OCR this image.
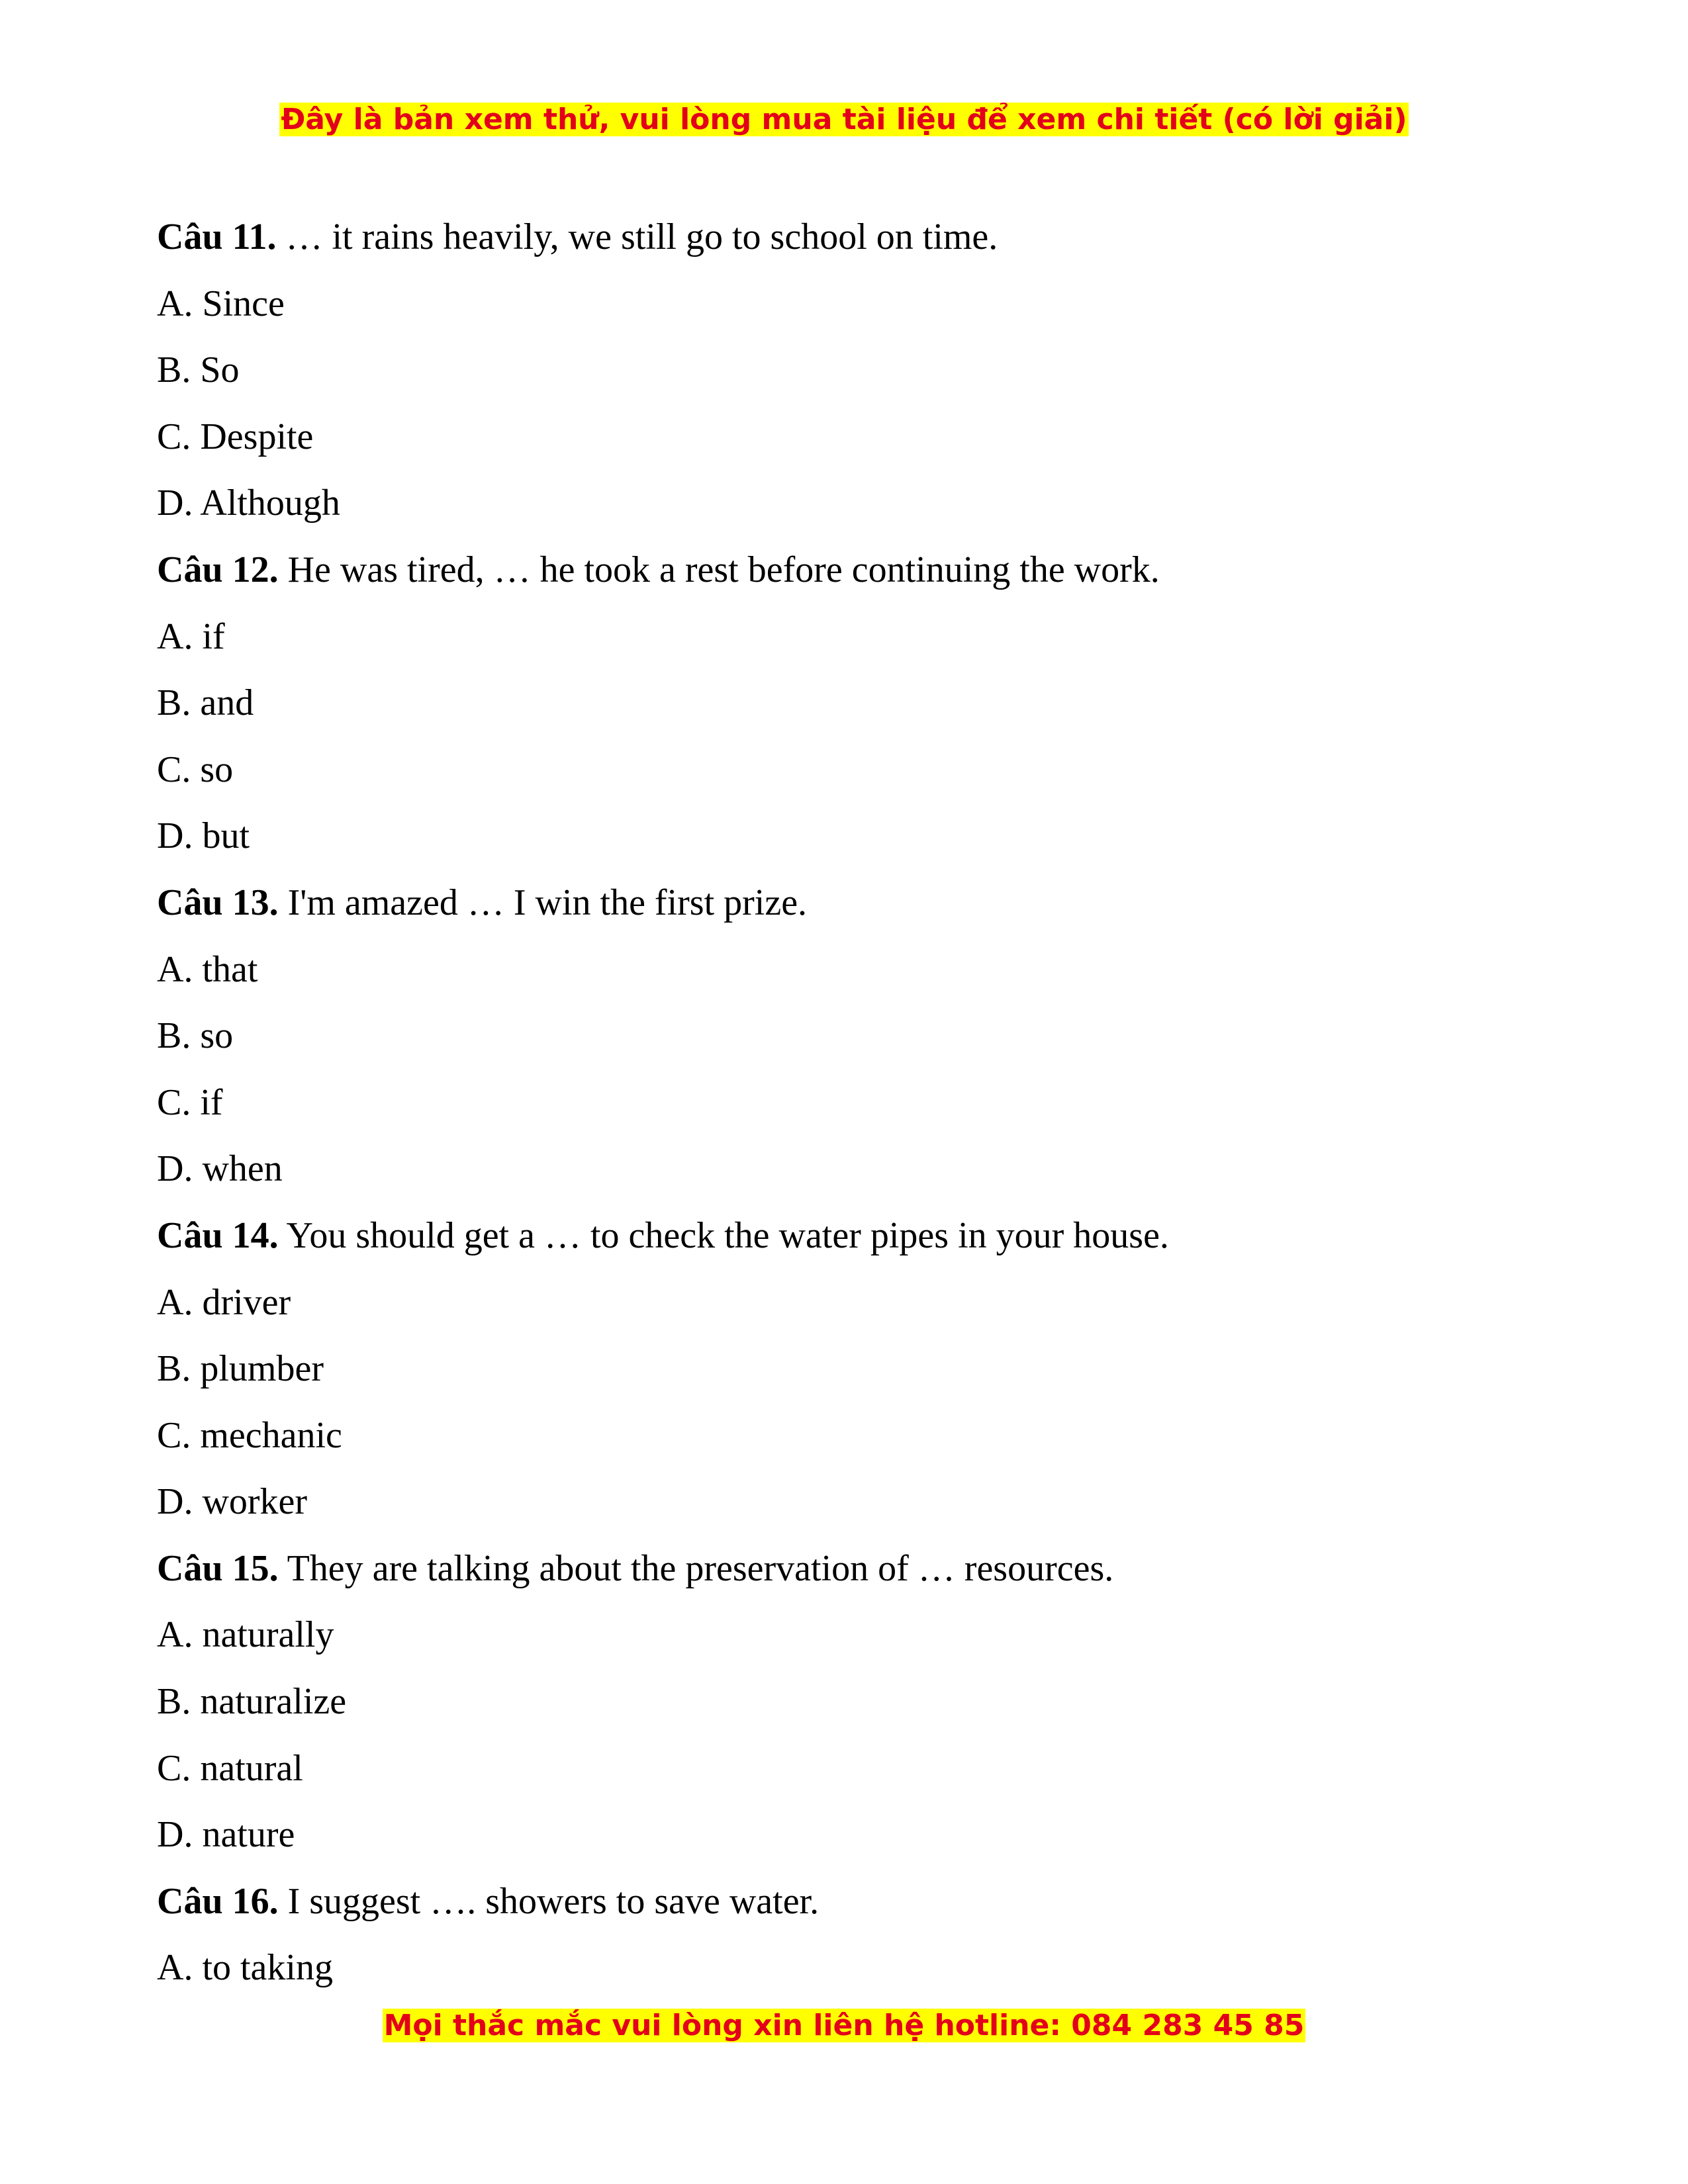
Đây là bản xem thử, vui lòng mua tài liệu để xem chi tiết (có lời giải)
Câu 11. … it rains heavily, we still go to school on time.
A. Since
B. So
C. Despite
D. Although
Câu 12. He was tired, … he took a rest before continuing the work.
A. if
B. and
C. so
D. but
Câu 13. I'm amazed … I win the first prize.
A. that
B. so
C. if
D. when
Câu 14. You should get a … to check the water pipes in your house.
A. driver
B. plumber
C. mechanic
D. worker
Câu 15. They are talking about the preservation of … resources.
A. naturally
B. naturalize
C. natural
D. nature
Câu 16. I suggest …. showers to save water.
A. to taking
Mọi thắc mắc vui lòng xin liên hệ hotline: 084 283 45 85
